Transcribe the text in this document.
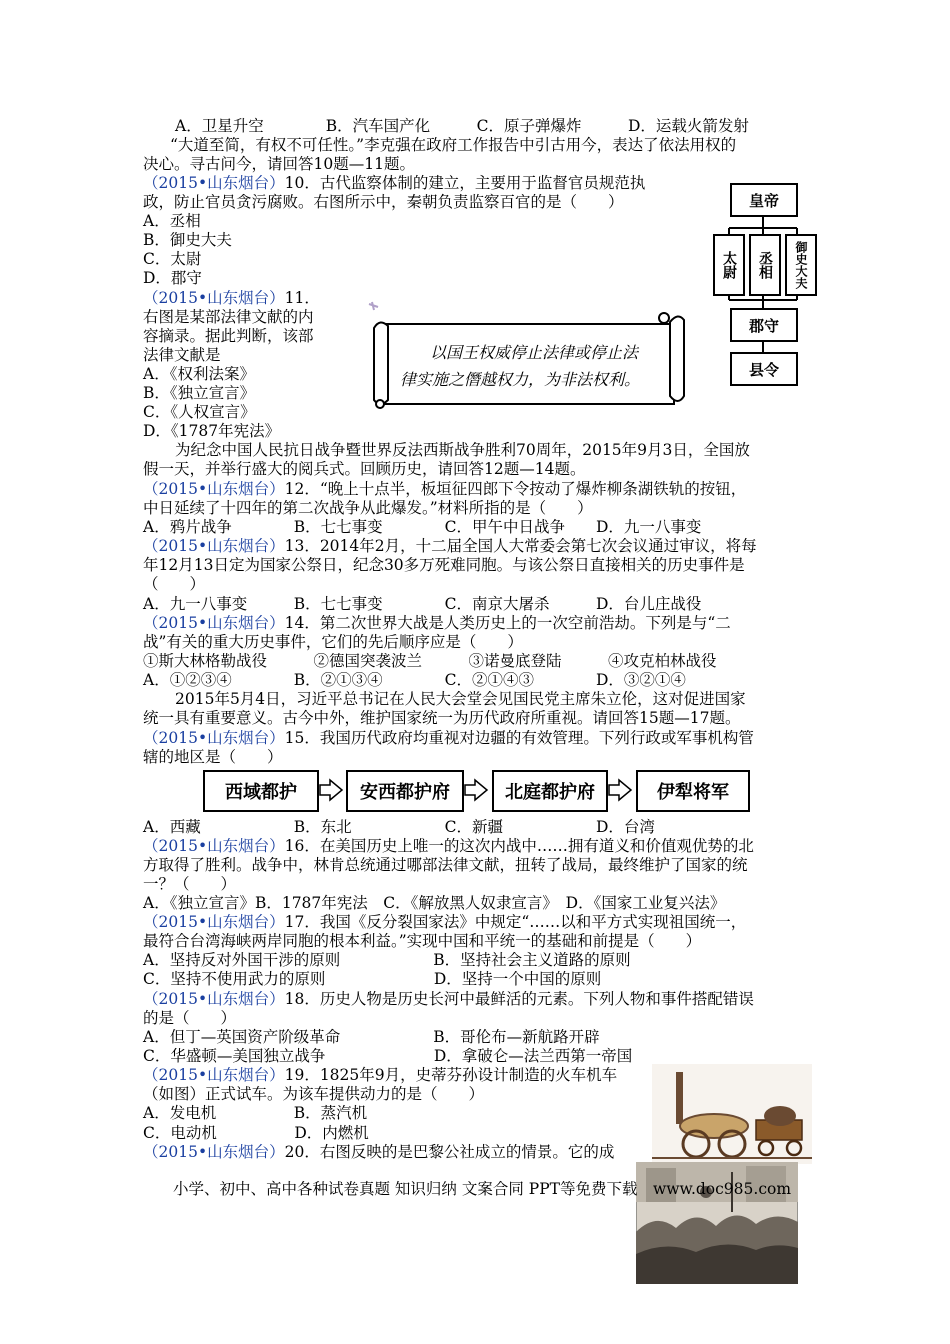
A．卫星升空　　　　B．汽车国产化　　　C．原子弹爆炸　　　D．运载火箭发射
“大道至简，有权不可任性。”李克强在政府工作报告中引古用今，表达了依法用权的
决心。寻古问今，请回答10题—11题。
（2015•山东烟台）10．古代监察体制的建立，主要用于监督官员规范执
政，防止官员贪污腐败。右图所示中，秦朝负责监察百官的是（　　）
A．丞相
B．御史大夫
C．太尉
D．郡守
（2015•山东烟台）11．
右图是某部法律文献的内
容摘录。据此判断，该部
法律文献是
A．《权利法案》
B．《独立宣言》
C．《人权宣言》
D．《1787年宪法》
为纪念中国人民抗日战争暨世界反法西斯战争胜利70周年，2015年9月3日，全国放
假一天，并举行盛大的阅兵式。回顾历史，请回答12题—14题。
（2015•山东烟台）12．“晚上十点半，板垣征四郎下令按动了爆炸柳条湖铁轨的按钮，
中日延续了十四年的第二次战争从此爆发。”材料所指的是（　　）
A．鸦片战争　　　　B．七七事变　　　　C．甲午中日战争　　D．九一八事变
（2015•山东烟台）13．2014年2月，十二届全国人大常委会第七次会议通过审议，将每
年12月13日定为国家公祭日，纪念30多万死难同胞。与该公祭日直接相关的历史事件是
（　　）
A．九一八事变　　　B．七七事变　　　　C．南京大屠杀　　　D．台儿庄战役
（2015•山东烟台）14．第二次世界大战是人类历史上的一次空前浩劫。下列是与“二
战”有关的重大历史事件，它们的先后顺序应是（　　）
①斯大林格勒战役　　　②德国突袭波兰　　　③诺曼底登陆　　　④攻克柏林战役
A．①②③④　　　　B．②①③④　　　　C．②①④③　　　　D．③②①④
2015年5月4日，习近平总书记在人民大会堂会见国民党主席朱立伦，这对促进国家
统一具有重要意义。古今中外，维护国家统一为历代政府所重视。请回答15题—17题。
（2015•山东烟台）15．我国历代政府均重视对边疆的有效管理。下列行政或军事机构管
辖的地区是（　　）
A．西藏　　　　　　B．东北　　　　　　C．新疆　　　　　　D．台湾
（2015•山东烟台）16．在美国历史上唯一的这次内战中……拥有道义和价值观优势的北
方取得了胜利。战争中，林肯总统通过哪部法律文献，扭转了战局，最终维护了国家的统
一？（　　）
A．《独立宣言》B．1787年宪法　C．《解放黑人奴隶宣言》　D．《国家工业复兴法》
（2015•山东烟台）17．我国《反分裂国家法》中规定“……以和平方式实现祖国统一，
最符合台湾海峡两岸同胞的根本利益。”实现中国和平统一的基础和前提是（　　）
A．坚持反对外国干涉的原则　　　　　　B．坚持社会主义道路的原则
C．坚持不使用武力的原则　　　　　　　D．坚持一个中国的原则
（2015•山东烟台）18．历史人物是历史长河中最鲜活的元素。下列人物和事件搭配错误
的是（　　）
A．但丁—英国资产阶级革命　　　　　　B．哥伦布—新航路开辟
C．华盛顿—美国独立战争　　　　　　　D．拿破仑—法兰西第一帝国
（2015•山东烟台）19．1825年9月，史蒂芬孙设计制造的火车机车
（如图）正式试车。为该车提供动力的是（　　）
A．发电机　　　　　B．蒸汽机
C．电动机　　　　　D．内燃机
（2015•山东烟台）20．右图反映的是巴黎公社成立的情景。它的成
皇帝
太尉 丞相 御史大夫
郡守
县令
以国王权威停止法律或停止法
律实施之僭越权力，为非法权利。
西域都护	安西都护府	北庭都护府	伊犁将军
小学、初中、高中各种试卷真题 知识归纳 文案合同 PPT等免费下载　www.doc985.com
